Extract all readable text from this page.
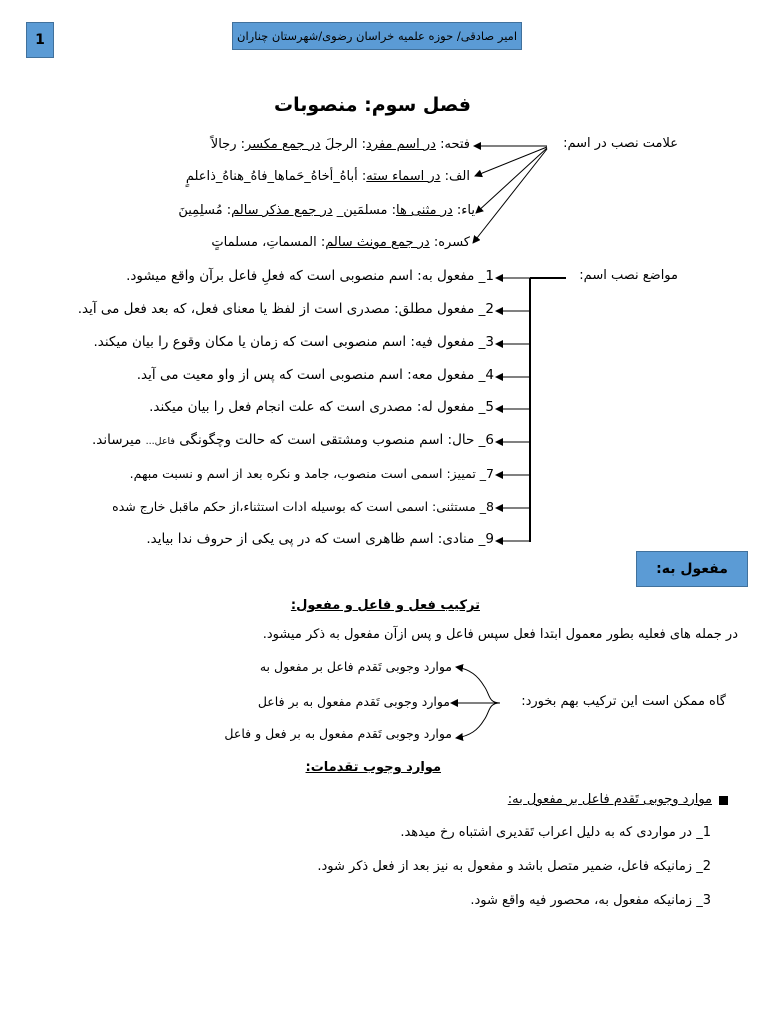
1	امیر صادقی/ حوزه علمیه خراسان رضوی/شهرستان چناران
فصل سوم: منصوبات
علامت نصب در اسم:
فتحه: در اسم مفرد: الرجلَ در جمع مکسر: رجالاً
الف: در اسماء سته: أباهُ_أخاهُ_حَماها_فاهُ_هناهُ_ذاعلمٍ
یاء: در مثنی ها: مسلمَین_ در جمع مذکر سالم: مُسلِمِینَ
کسره: در جمع مونث سالم: المسماتِ، مسلماتٍ
مواضع نصب اسم:
1_ مفعول به: اسم منصوبی است که فعلِ فاعل برآن واقع میشود.
2_ مفعول مطلق: مصدری است از لفظ یا معنای فعل، که بعد فعل می آید.
3_ مفعول فیه: اسم منصوبی است که زمان یا مکان وقوع را بیان میکند.
4_ مفعول معه: اسم منصوبی است که پس از واو معیت می آید.
5_ مفعول له: مصدری است که علت انجام فعل را بیان میکند.
6_ حال: اسم منصوب ومشتقی است که حالت وچگونگی فاعل... میرساند.
7_ تمییز: اسمی است منصوب، جامد و نکره بعد از اسم و نسبت مبهم.
8_ مستثنی: اسمی است که بوسیله ادات استثناء،از حکم ماقبل خارج شده
9_ منادی: اسم ظاهری است که در پی یکی از حروف ندا بیاید.
مفعول به:
ترکیب فعل و فاعل و مفعول:
در جمله های فعلیه بطور معمول ابتدا فعل سپس فاعل و پس ازآن مفعول به ذکر میشود.
گاه ممکن است این ترکیب بهم بخورد:
موارد وجوبی تَقدم فاعل بر مفعول به
موارد وجوبی تَقدم مفعول به بر فاعل
موارد وجوبی تَقدم مفعول به بر فعل و فاعل
موارد وجوب تقدمات:
موارد وجوبی تَقدم فاعل بر مفعول به:
1_ در مواردی که به دلیل اعراب تَقدیری اشتباه رخ میدهد.
2_ زمانیکه فاعل، ضمیر متصل باشد و مفعول به نیز بعد از فعل ذکر شود.
3_ زمانیکه مفعول به، محصور فیه واقع شود.
